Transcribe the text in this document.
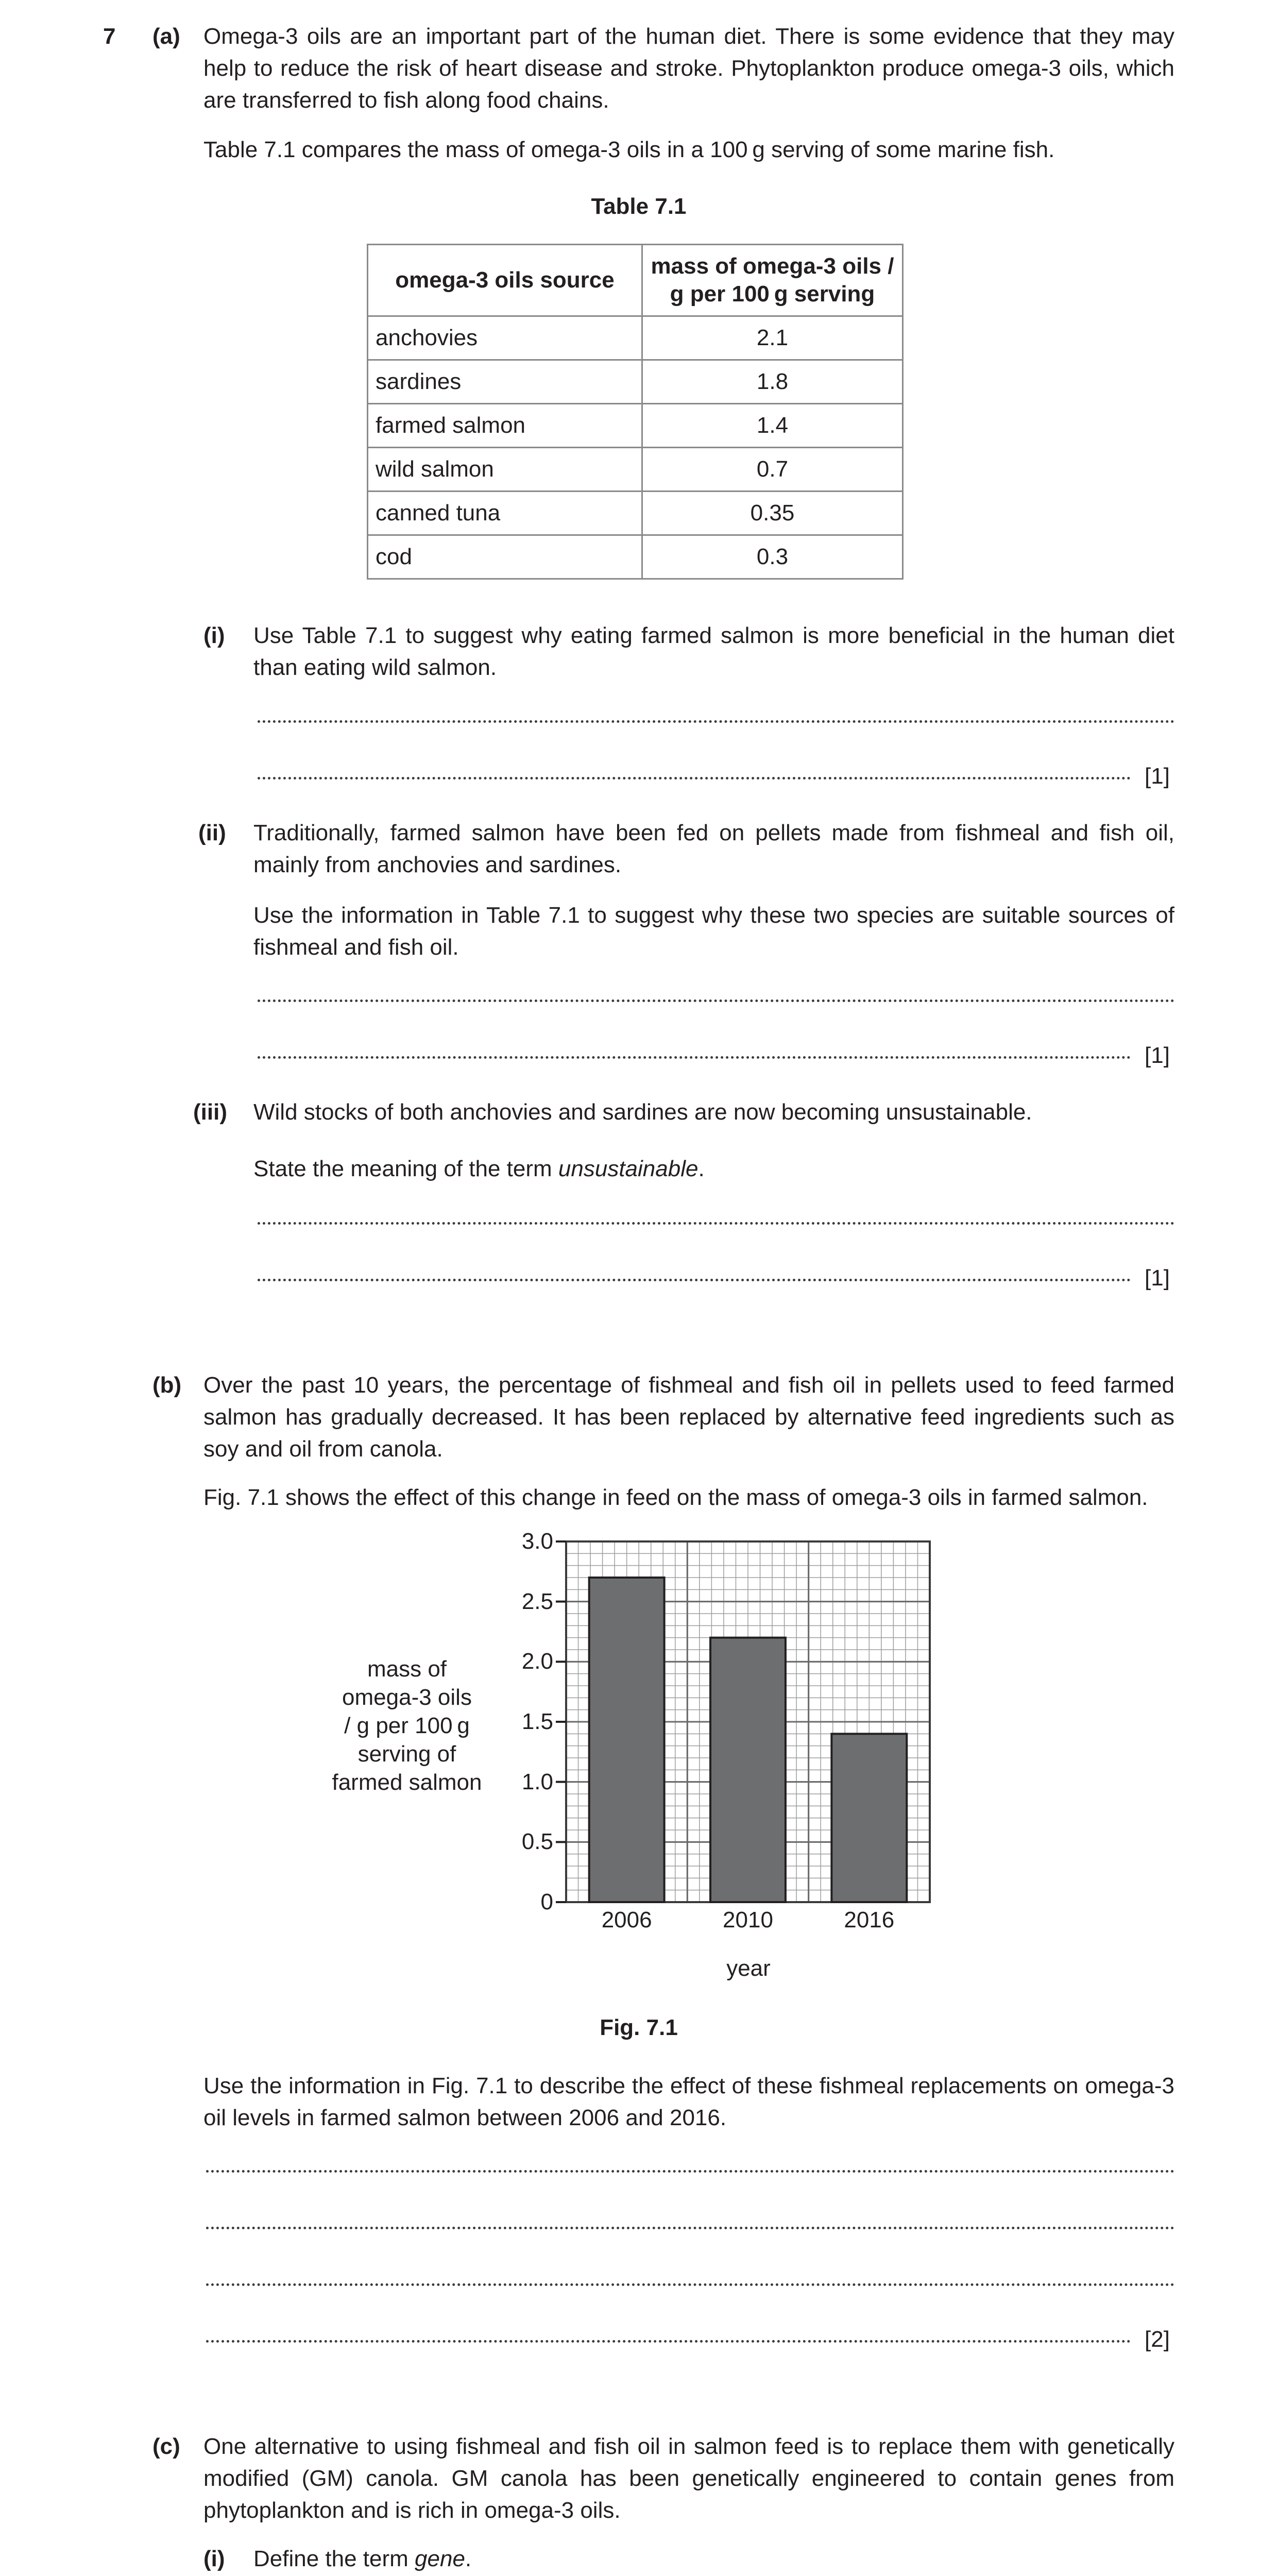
7 (a) Omega-3 oils are an important part of the human diet. There is some evidence that they may help to reduce the risk of heart disease and stroke. Phytoplankton produce omega-3 oils, which are transferred to fish along food chains.
Table 7.1 compares the mass of omega-3 oils in a 100 g serving of some marine fish.
Table 7.1
omega-3 oils source	mass of omega-3 oils / g per 100 g serving
anchovies	2.1
sardines	1.8
farmed salmon	1.4
wild salmon	0.7
canned tuna	0.35
cod	0.3
(i) Use Table 7.1 to suggest why eating farmed salmon is more beneficial in the human diet than eating wild salmon.
[1]
(ii) Traditionally, farmed salmon have been fed on pellets made from fishmeal and fish oil, mainly from anchovies and sardines.
Use the information in Table 7.1 to suggest why these two species are suitable sources of fishmeal and fish oil.
[1]
(iii) Wild stocks of both anchovies and sardines are now becoming unsustainable.
State the meaning of the term unsustainable.
[1]
(b) Over the past 10 years, the percentage of fishmeal and fish oil in pellets used to feed farmed salmon has gradually decreased. It has been replaced by alternative feed ingredients such as soy and oil from canola.
Fig. 7.1 shows the effect of this change in feed on the mass of omega-3 oils in farmed salmon.
mass of
omega-3 oils
/ g per 100 g
serving of
farmed salmon
0
0.5
1.0
1.5
2.0
2.5
3.0
2006	2010	2016
year
Fig. 7.1
Use the information in Fig. 7.1 to describe the effect of these fishmeal replacements on omega-3 oil levels in farmed salmon between 2006 and 2016.
[2]
(c) One alternative to using fishmeal and fish oil in salmon feed is to replace them with genetically modified (GM) canola. GM canola has been genetically engineered to contain genes from phytoplankton and is rich in omega-3 oils.
(i) Define the term gene.
